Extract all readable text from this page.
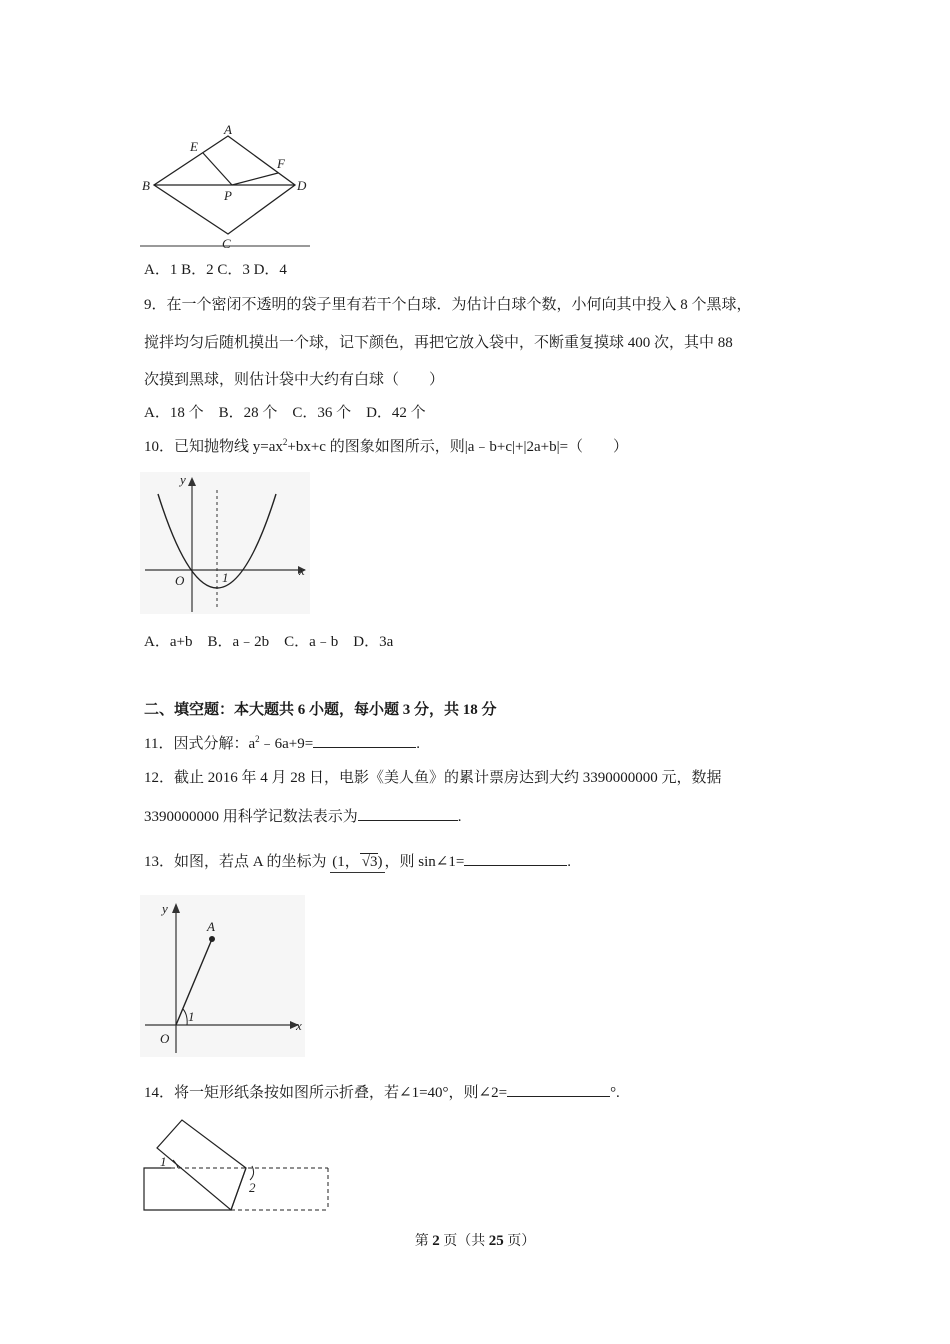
A
E
F
B
P
D
C
A．1 B．2 C．3 D．4
9．在一个密闭不透明的袋子里有若干个白球．为估计白球个数，小何向其中投入 8 个黑球，
搅拌均匀后随机摸出一个球，记下颜色，再把它放入袋中，不断重复摸球 400 次，其中 88
次摸到黑球，则估计袋中大约有白球（　　）
A．18 个　B．28 个　C．36 个　D．42 个
10．已知抛物线 $y=ax^2+bx+c$ 的图象如图所示，则|a﹣b+c|+|2a+b|=（　　）
y
x
O	1
A．a+b　B．a﹣2b　C．a﹣b　D．3a
二、填空题：本大题共 6 小题，每小题 3 分，共 18 分
11．因式分解：$a^2﹣6a+9=$	.
12．截止 2016 年 4 月 28 日，电影《美人鱼》的累计票房达到大约 3390000000 元，数据
3390000000 用科学记数法表示为	.
13．如图，若点 A 的坐标为 (1， √3) ，则 sin∠1=	.
y
x
O
A
1
14．将一矩形纸条按如图所示折叠，若∠1=40°，则∠2=	°.
1
2
第 2 页（共 25 页）
